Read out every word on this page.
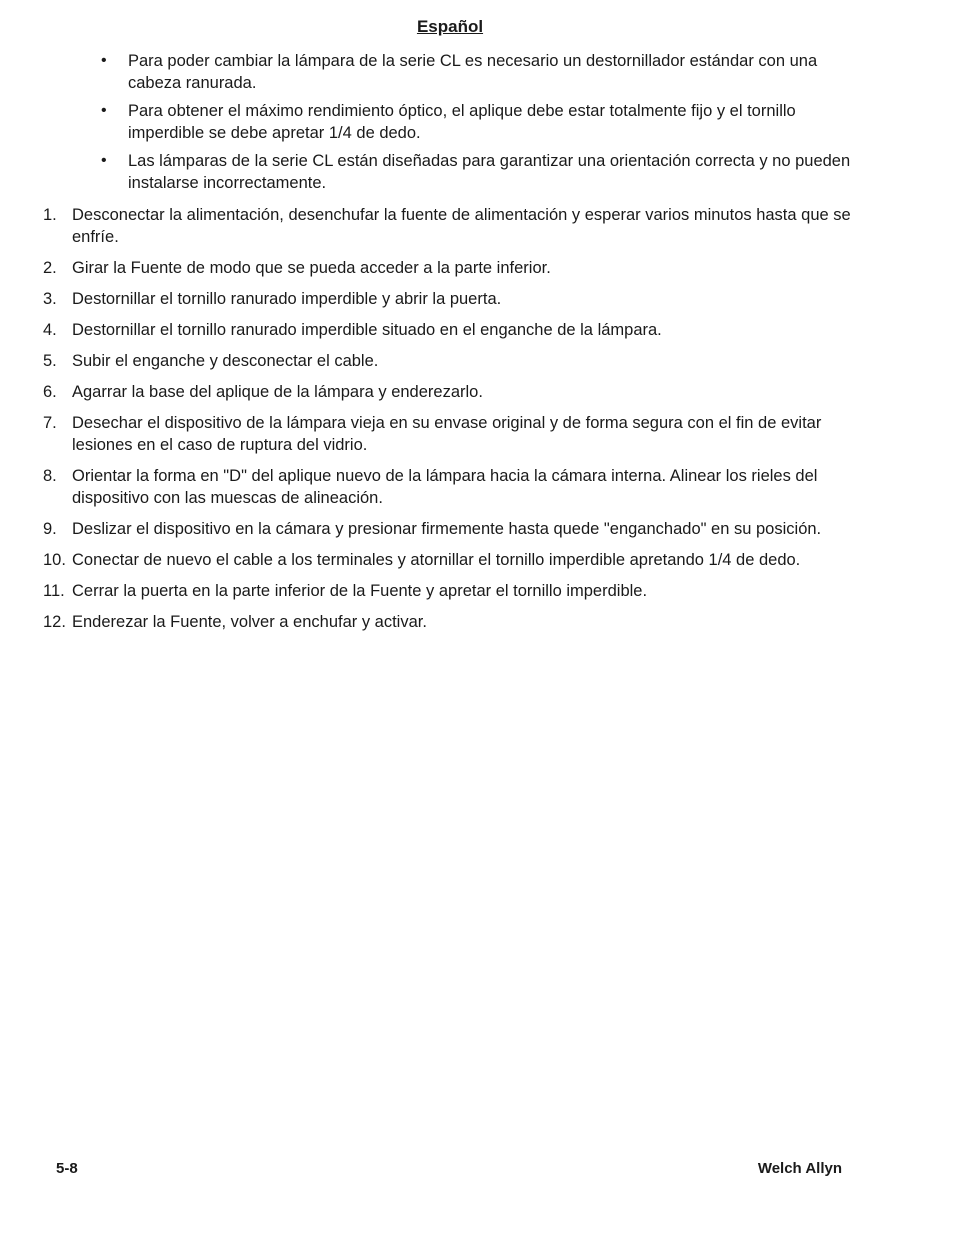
Español
• Para poder cambiar la lámpara de la serie CL es necesario un destornillador estándar con una cabeza ranurada.
• Para obtener el máximo rendimiento óptico, el aplique debe estar totalmente fijo y el tornillo imperdible se debe apretar 1/4 de dedo.
• Las lámparas de la serie CL están diseñadas para garantizar una orientación correcta y no pueden instalarse incorrectamente.
1. Desconectar la alimentación, desenchufar la fuente de alimentación y esperar varios minutos hasta que se enfríe.
2. Girar la Fuente de modo que se pueda acceder a la parte inferior.
3. Destornillar el tornillo ranurado imperdible y abrir la puerta.
4. Destornillar el tornillo ranurado imperdible situado en el enganche de la lámpara.
5. Subir el enganche y desconectar el cable.
6. Agarrar la base del aplique de la lámpara y enderezarlo.
7. Desechar el dispositivo de la lámpara vieja en su envase original y de forma segura con el fin de evitar lesiones en el caso de ruptura del vidrio.
8. Orientar la forma en "D" del aplique nuevo de la lámpara hacia la cámara interna. Alinear los rieles del dispositivo con las muescas de alineación.
9. Deslizar el dispositivo en la cámara y presionar firmemente hasta quede "enganchado" en su posición.
10. Conectar de nuevo el cable a los terminales y atornillar el tornillo imperdible apretando 1/4 de dedo.
11. Cerrar la puerta en la parte inferior de la Fuente y apretar el tornillo imperdible.
12. Enderezar la Fuente, volver a enchufar y activar.
5-8	Welch Allyn
